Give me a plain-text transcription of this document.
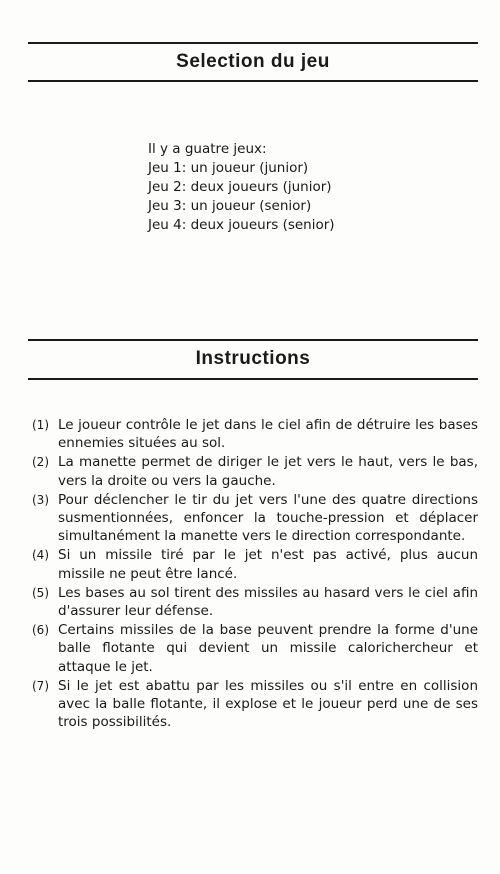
Selection du jeu
Il y a guatre jeux:
Jeu 1: un joueur (junior)
Jeu 2: deux joueurs (junior)
Jeu 3: un joueur (senior)
Jeu 4: deux joueurs (senior)
Instructions
(1) Le joueur contrôle le jet dans le ciel afin de détruire les bases ennemies situées au sol.
(2) La manette permet de diriger le jet vers le haut, vers le bas, vers la droite ou vers la gauche.
(3) Pour déclencher le tir du jet vers l'une des quatre directions susmentionnées, enfoncer la touche-pression et déplacer simultanément la manette vers le direction correspondante.
(4) Si un missile tiré par le jet n'est pas activé, plus aucun missile ne peut être lancé.
(5) Les bases au sol tirent des missiles au hasard vers le ciel afin d'assurer leur défense.
(6) Certains missiles de la base peuvent prendre la forme d'une balle flotante qui devient un missile calorichercheur et attaque le jet.
(7) Si le jet est abattu par les missiles ou s'il entre en collision avec la balle flotante, il explose et le joueur perd une de ses trois possibilités.
